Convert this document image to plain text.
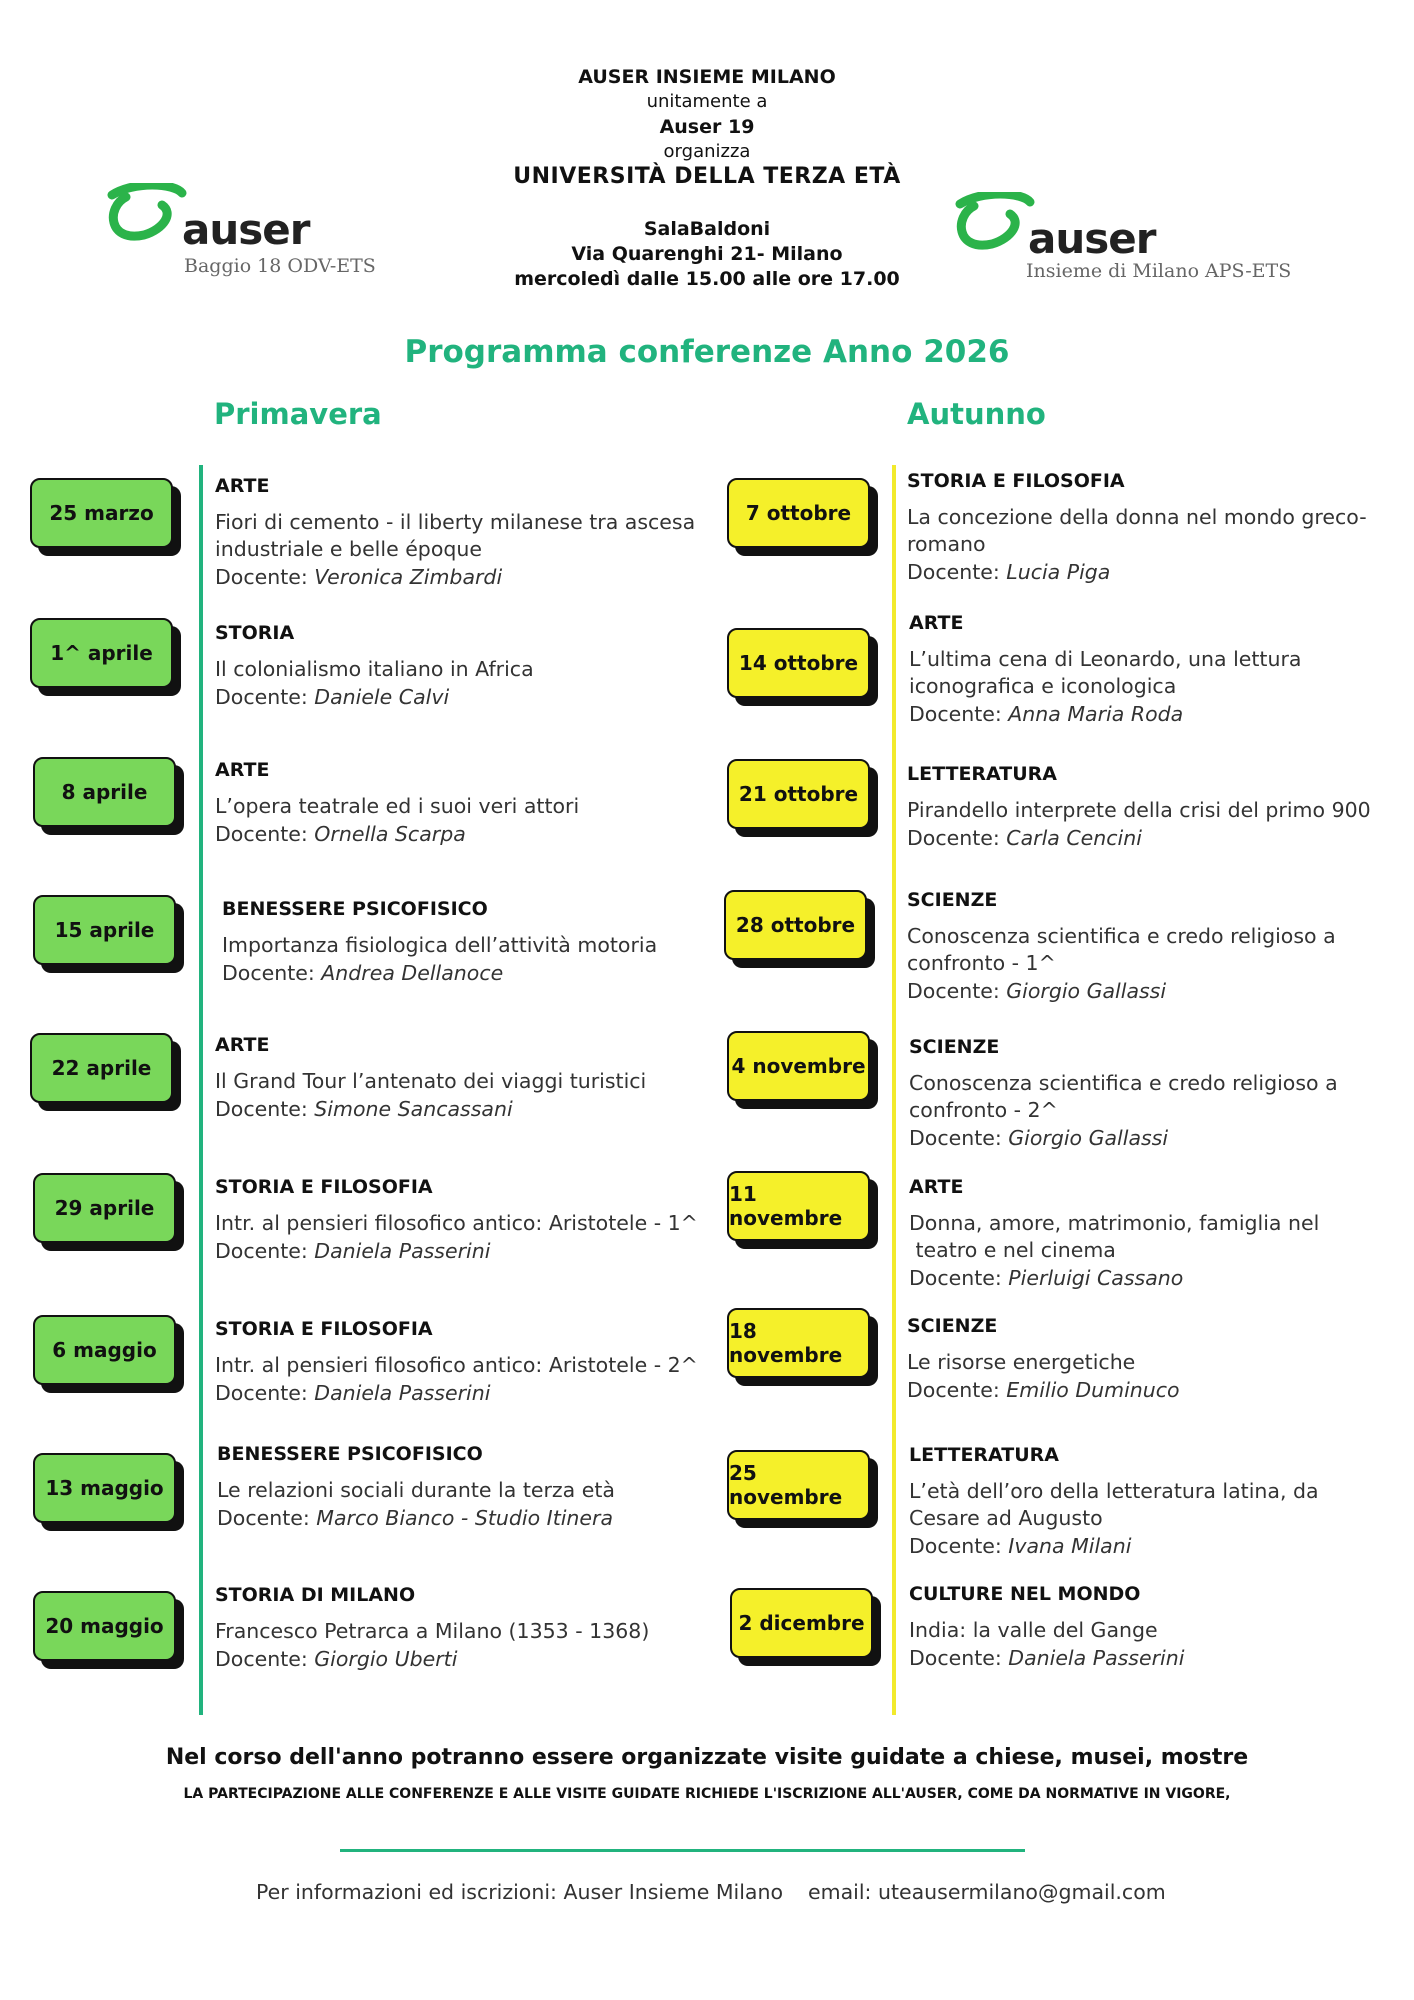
auser
Baggio 18 ODV-ETS
auser
Insieme di Milano APS-ETS
AUSER INSIEME MILANO
unitamente a
Auser 19
organizza
UNIVERSITÀ DELLA TERZA ETÀ
SalaBaldoni
Via Quarenghi 21- Milano
mercoledì dalle 15.00 alle ore 17.00
Programma conferenze Anno 2026
Primavera	Autunno
25 marzo
ARTE
Fiori di cemento - il liberty milanese tra ascesa
industriale e belle époque
Docente: Veronica Zimbardi
1^ aprile
STORIA
Il colonialismo italiano in Africa
Docente: Daniele Calvi
8 aprile
ARTE
L’opera teatrale ed i suoi veri attori
Docente: Ornella Scarpa
15 aprile
BENESSERE PSICOFISICO
Importanza fisiologica dell’attività motoria
Docente: Andrea Dellanoce
22 aprile
ARTE
Il Grand Tour l’antenato dei viaggi turistici
Docente: Simone Sancassani
29 aprile
STORIA E FILOSOFIA
Intr. al pensieri filosofico antico: Aristotele - 1^
Docente: Daniela Passerini
6 maggio
STORIA E FILOSOFIA
Intr. al pensieri filosofico antico: Aristotele - 2^
Docente: Daniela Passerini
13 maggio
BENESSERE PSICOFISICO
Le relazioni sociali durante la terza età
Docente: Marco Bianco - Studio Itinera
20 maggio
STORIA DI MILANO
Francesco Petrarca a Milano (1353 - 1368)
Docente: Giorgio Uberti
7 ottobre
STORIA E FILOSOFIA
La concezione della donna nel mondo greco-
romano
Docente: Lucia Piga
14 ottobre
ARTE
L’ultima cena di Leonardo, una lettura
iconografica e iconologica
Docente: Anna Maria Roda
21 ottobre
LETTERATURA
Pirandello interprete della crisi del primo 900
Docente: Carla Cencini
28 ottobre
SCIENZE
Conoscenza scientifica e credo religioso a
confronto - 1^
Docente: Giorgio Gallassi
4 novembre
SCIENZE
Conoscenza scientifica e credo religioso a
confronto - 2^
Docente: Giorgio Gallassi
11 novembre
ARTE
Donna, amore, matrimonio, famiglia nel
teatro e nel cinema
Docente: Pierluigi Cassano
18 novembre
SCIENZE
Le risorse energetiche
Docente: Emilio Duminuco
25 novembre
LETTERATURA
L’età dell’oro della letteratura latina, da
Cesare ad Augusto
Docente: Ivana Milani
2 dicembre
CULTURE NEL MONDO
India: la valle del Gange
Docente: Daniela Passerini
Nel corso dell'anno potranno essere organizzate visite guidate a chiese, musei, mostre
LA PARTECIPAZIONE ALLE CONFERENZE E ALLE VISITE GUIDATE RICHIEDE L'ISCRIZIONE ALL'AUSER, COME DA NORMATIVE IN VIGORE,
Per informazioni ed iscrizioni: Auser Insieme Milano email: uteausermilano@gmail.com
